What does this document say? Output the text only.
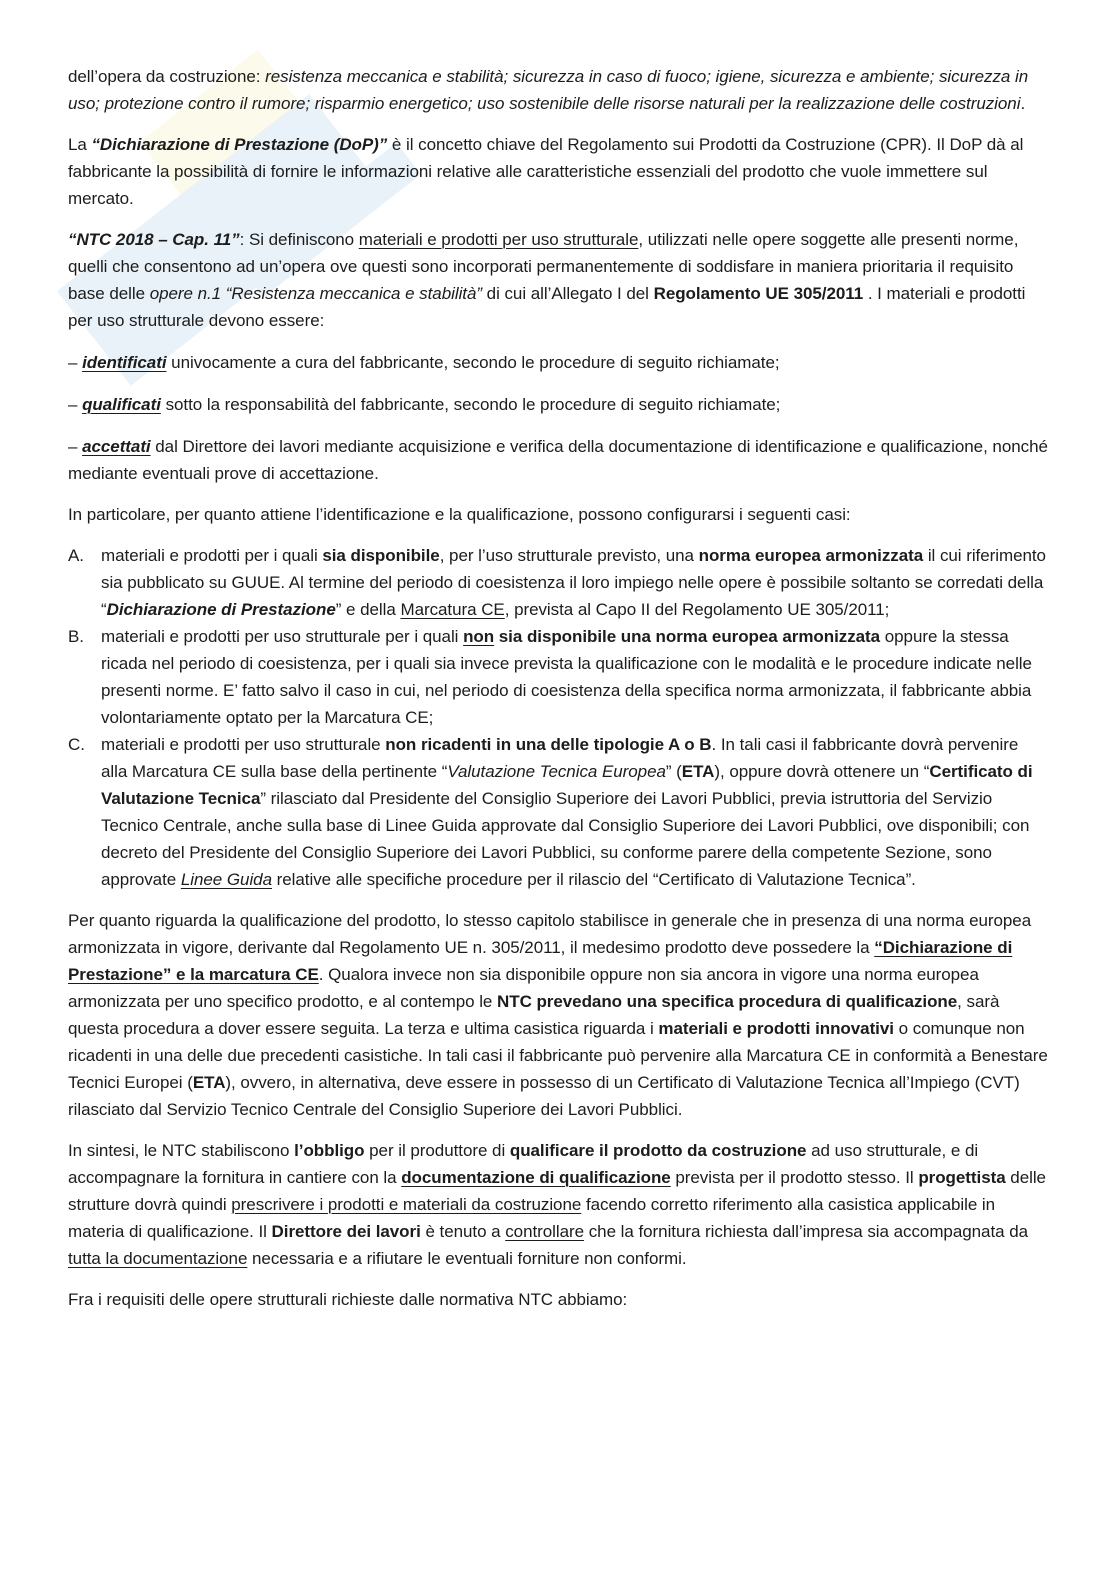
dell’opera da costruzione: resistenza meccanica e stabilità; sicurezza in caso di fuoco; igiene, sicurezza e ambiente; sicurezza in uso; protezione contro il rumore; risparmio energetico; uso sostenibile delle risorse naturali per la realizzazione delle costruzioni.

La “Dichiarazione di Prestazione (DoP)” è il concetto chiave del Regolamento sui Prodotti da Costruzione (CPR). Il DoP dà al fabbricante la possibilità di fornire le informazioni relative alle caratteristiche essenziali del prodotto che vuole immettere sul mercato.

“NTC 2018 – Cap. 11”: Si definiscono materiali e prodotti per uso strutturale, utilizzati nelle opere soggette alle presenti norme, quelli che consentono ad un’opera ove questi sono incorporati permanentemente di soddisfare in maniera prioritaria il requisito base delle opere n.1 “Resistenza meccanica e stabilità” di cui all’Allegato I del Regolamento UE 305/2011 . I materiali e prodotti per uso strutturale devono essere:

– identificati univocamente a cura del fabbricante, secondo le procedure di seguito richiamate;

– qualificati sotto la responsabilità del fabbricante, secondo le procedure di seguito richiamate;

– accettati dal Direttore dei lavori mediante acquisizione e verifica della documentazione di identificazione e qualificazione, nonché mediante eventuali prove di accettazione.

In particolare, per quanto attiene l’identificazione e la qualificazione, possono configurarsi i seguenti casi:

A. materiali e prodotti per i quali sia disponibile, per l’uso strutturale previsto, una norma europea armonizzata il cui riferimento sia pubblicato su GUUE. Al termine del periodo di coesistenza il loro impiego nelle opere è possibile soltanto se corredati della “Dichiarazione di Prestazione” e della Marcatura CE, prevista al Capo II del Regolamento UE 305/2011;
B. materiali e prodotti per uso strutturale per i quali non sia disponibile una norma europea armonizzata oppure la stessa ricada nel periodo di coesistenza, per i quali sia invece prevista la qualificazione con le modalità e le procedure indicate nelle presenti norme. E’ fatto salvo il caso in cui, nel periodo di coesistenza della specifica norma armonizzata, il fabbricante abbia volontariamente optato per la Marcatura CE;
C. materiali e prodotti per uso strutturale non ricadenti in una delle tipologie A o B. In tali casi il fabbricante dovrà pervenire alla Marcatura CE sulla base della pertinente “Valutazione Tecnica Europea” (ETA), oppure dovrà ottenere un “Certificato di Valutazione Tecnica” rilasciato dal Presidente del Consiglio Superiore dei Lavori Pubblici, previa istruttoria del Servizio Tecnico Centrale, anche sulla base di Linee Guida approvate dal Consiglio Superiore dei Lavori Pubblici, ove disponibili; con decreto del Presidente del Consiglio Superiore dei Lavori Pubblici, su conforme parere della competente Sezione, sono approvate Linee Guida relative alle specifiche procedure per il rilascio del “Certificato di Valutazione Tecnica”.

Per quanto riguarda la qualificazione del prodotto, lo stesso capitolo stabilisce in generale che in presenza di una norma europea armonizzata in vigore, derivante dal Regolamento UE n. 305/2011, il medesimo prodotto deve possedere la “Dichiarazione di Prestazione” e la marcatura CE. Qualora invece non sia disponibile oppure non sia ancora in vigore una norma europea armonizzata per uno specifico prodotto, e al contempo le NTC prevedano una specifica procedura di qualificazione, sarà questa procedura a dover essere seguita. La terza e ultima casistica riguarda i materiali e prodotti innovativi o comunque non ricadenti in una delle due precedenti casistiche. In tali casi il fabbricante può pervenire alla Marcatura CE in conformità a Benestare Tecnici Europei (ETA), ovvero, in alternativa, deve essere in possesso di un Certificato di Valutazione Tecnica all’Impiego (CVT) rilasciato dal Servizio Tecnico Centrale del Consiglio Superiore dei Lavori Pubblici.

In sintesi, le NTC stabiliscono l’obbligo per il produttore di qualificare il prodotto da costruzione ad uso strutturale, e di accompagnare la fornitura in cantiere con la documentazione di qualificazione prevista per il prodotto stesso. Il progettista delle strutture dovrà quindi prescrivere i prodotti e materiali da costruzione facendo corretto riferimento alla casistica applicabile in materia di qualificazione. Il Direttore dei lavori è tenuto a controllare che la fornitura richiesta dall’impresa sia accompagnata da tutta la documentazione necessaria e a rifiutare le eventuali forniture non conformi.

Fra i requisiti delle opere strutturali richieste dalle normativa NTC abbiamo:
